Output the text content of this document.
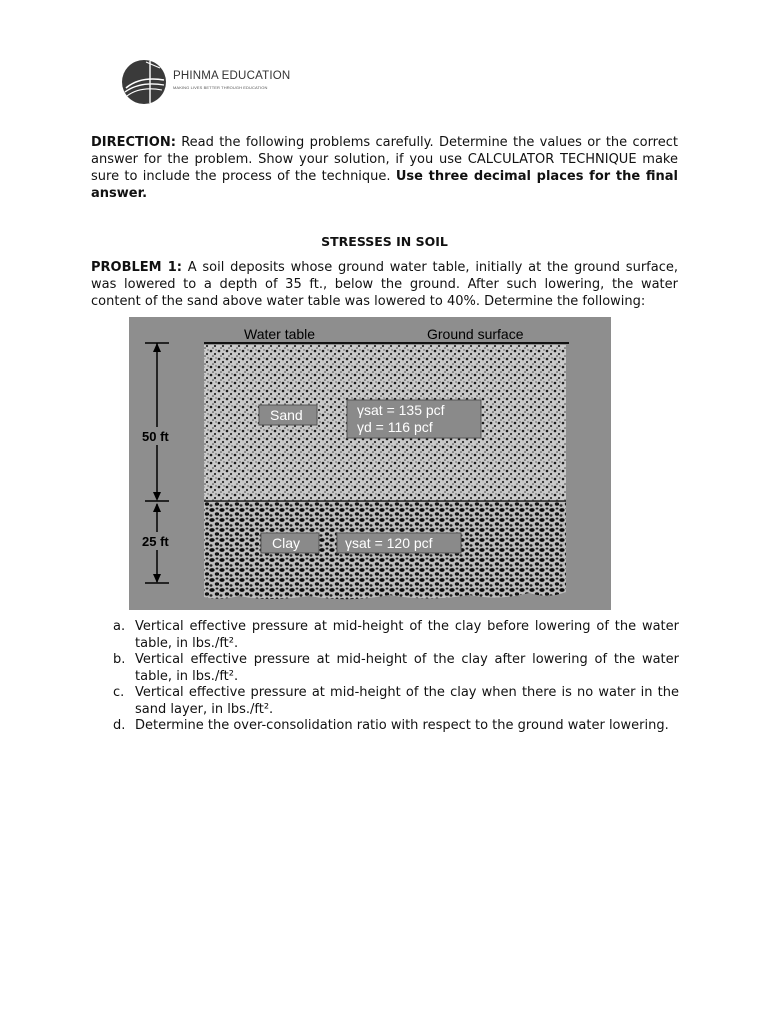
PHINMA EDUCATION
MAKING LIVES BETTER THROUGH EDUCATION
DIRECTION: Read the following problems carefully. Determine the values or the correct answer for the problem. Show your solution, if you use CALCULATOR TECHNIQUE make sure to include the process of the technique. Use three decimal places for the final answer.
STRESSES IN SOIL
PROBLEM 1: A soil deposits whose ground water table, initially at the ground surface, was lowered to a depth of 35 ft., below the ground. After such lowering, the water content of the sand above water table was lowered to 40%. Determine the following:
Water table	Ground surface
50 ft
25 ft
Sand	γsat = 135 pcf
γd = 116 pcf
Clay	γsat = 120 pcf
a. Vertical effective pressure at mid-height of the clay before lowering of the water table, in lbs./ft².
b. Vertical effective pressure at mid-height of the clay after lowering of the water table, in lbs./ft².
c. Vertical effective pressure at mid-height of the clay when there is no water in the sand layer, in lbs./ft².
d. Determine the over-consolidation ratio with respect to the ground water lowering.
